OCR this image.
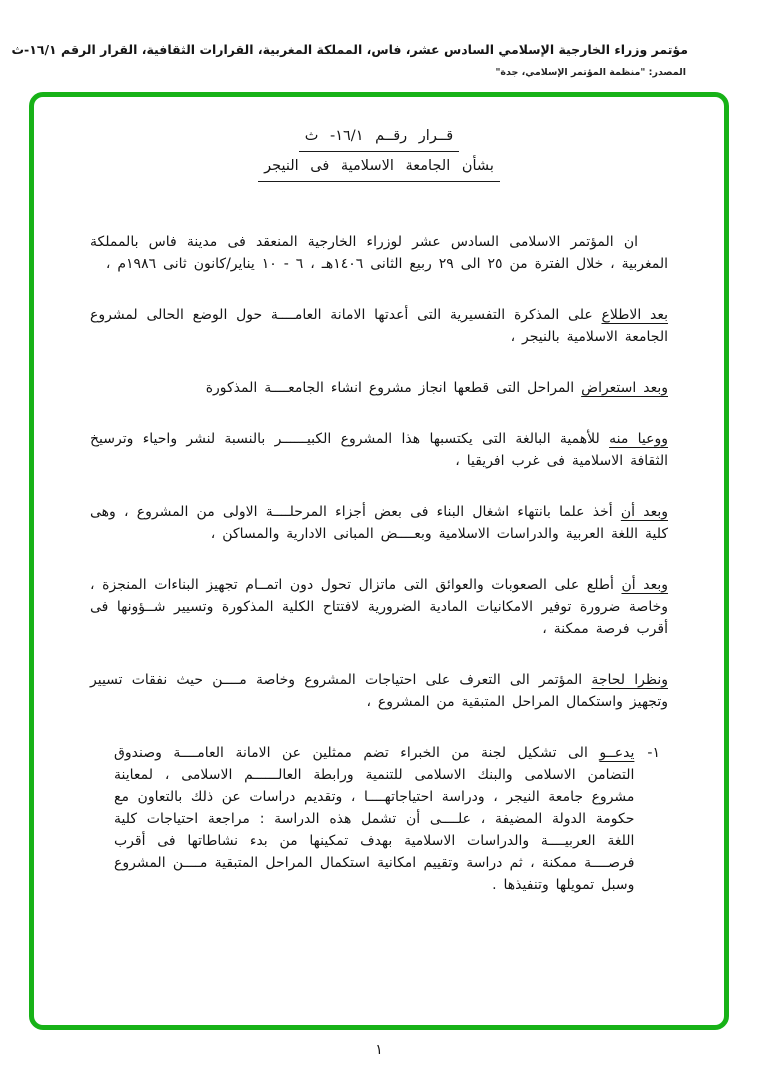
مؤتمر وزراء الخارجية الإسلامي السادس عشر، فاس، المملكة المغربية، القرارات الثقافية، القرار الرقم ١٦/١-ث
المصدر: "منظمة المؤتمر الإسلامي، جدة"
قــرار رقــم ١٦/١- ث
بشأن الجامعة الاسلامية فى النيجر

ان المؤتمر الاسلامى السادس عشر لوزراء الخارجية المنعقد فى مدينة فاس بالمملكة المغربية ، خلال الفترة من ٢٥ الى ٢٩ ربيع الثانى ١٤٠٦هـ ، ٦ - ١٠ يناير/كانون ثانى ١٩٨٦م ،

بعد الاطلاع على المذكرة التفسيرية التى أعدتها الامانة العامــــة حول الوضع الحالى لمشروع الجامعة الاسلامية بالنيجر ،

وبعد استعراض المراحل التى قطعها انجاز مشروع انشاء الجامعــــة المذكورة

ووعيا منه للأهمية البالغة التى يكتسبها هذا المشروع الكبيــــــر بالنسبة لنشر واحياء وترسيخ الثقافة الاسلامية فى غرب افريقيا ،

وبعد أن أخذ علما بانتهاء اشغال البناء فى بعض أجزاء المرحلــــة الاولى من المشروع ، وهى كلية اللغة العربية والدراسات الاسلامية وبعــــض المبانى الادارية والمساكن ،

وبعد أن أطلع على الصعوبات والعوائق التى ماتزال تحول دون اتمــام تجهيز البناءات المنجزة ، وخاصة ضرورة توفير الامكانيات المادية الضرورية لافتتاح الكلية المذكورة وتسيير شــؤونها فى أقرب فرصة ممكنة ،

ونظرا لحاجة المؤتمر الى التعرف على احتياجات المشروع وخاصة مــــن حيث نفقات تسيير وتجهيز واستكمال المراحل المتبقية من المشروع ،

١-

يدعــو الى تشكيل لجنة من الخبراء تضم ممثلين عن الامانة العامــــة وصندوق التضامن الاسلامى والبنك الاسلامى للتنمية ورابطة العالــــــم الاسلامى ، لمعاينة مشروع جامعة النيجر ، ودراسة احتياجاتهــــا ، وتقديم دراسات عن ذلك بالتعاون مع حكومة الدولة المضيفة ، علــــى أن تشمل هذه الدراسة : مراجعة احتياجات كلية اللغة العربيــــة والدراسات الاسلامية بهدف تمكينها من بدء نشاطاتها فى أقرب فرصــــة ممكنة ، ثم دراسة وتقييم امكانية استكمال المراحل المتبقية مــــن المشروع وسبل تمويلها وتنفيذها .

١
